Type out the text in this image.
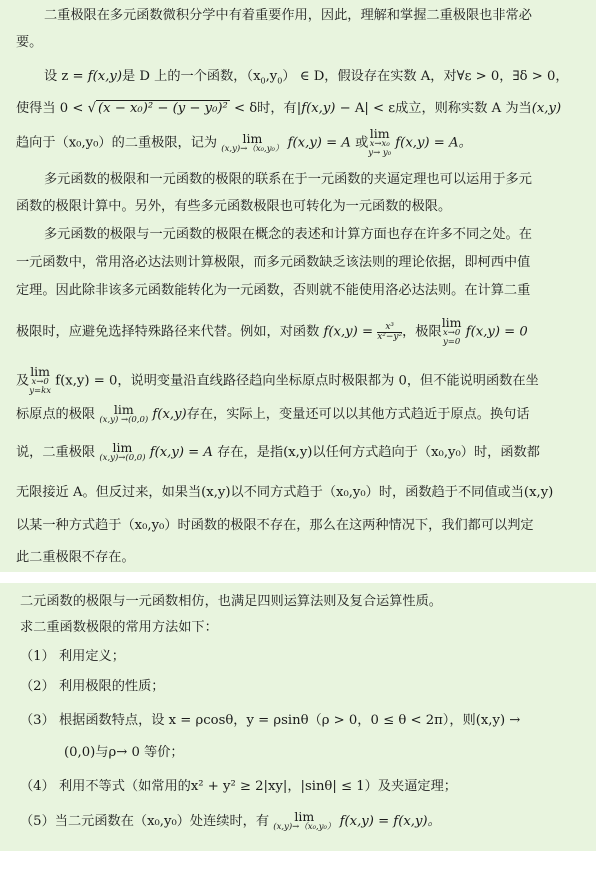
二重极限在多元函数微积分学中有着重要作用，因此，理解和掌握二重极限也非常必
要。
设 z = f(x,y)是 D 上的一个函数，$(x_0,y_0)$ ∈ D，假设存在实数 A，对∀ε > 0，∃δ > 0，
使得当 0 < √ (x − x₀)² − (y − y₀)² < δ时，有|f(x,y) − A| < ε成立，则称实数 A 为当(x,y)
趋向于（x₀,y₀）的二重极限，记为	lim
(x,y)→（x₀,y₀） f(x,y) = A 或
lim
x→x₀
y→ y₀
f(x,y) = A。
多元函数的极限和一元函数的极限的联系在于一元函数的夹逼定理也可以运用于多元
函数的极限计算中。另外，有些多元函数极限也可转化为一元函数的极限。
多元函数的极限与一元函数的极限在概念的表述和计算方面也存在许多不同之处。在
一元函数中，常用洛必达法则计算极限，而多元函数缺乏该法则的理论依据，即柯西中值
定理。因此除非该多元函数能转化为一元函数，否则就不能使用洛必达法则。在计算二重
极限时，应避免选择特殊路径来代替。例如，对函数 $f(x,y) = \frac{\text{x³}}{\text{x²−y²}}$ ，极限
lim
x→0
y=0
f(x,y) = 0
及
lim
x→0
y=kx
f(x,y) = 0，说明变量沿直线路径趋向坐标原点时极限都为 0，但不能说明函数在坐
标原点的极限	lim
(x,y) →(0,0) f(x,y)存在，实际上，变量还可以以其他方式趋近于原点。换句话
说，二重极限	lim
(x,y)→(0,0) f(x,y) = A 存在，是指(x,y)以任何方式趋向于（x₀,y₀）时，函数都
无限接近 A。但反过来，如果当(x,y)以不同方式趋于（x₀,y₀）时，函数趋于不同值或当(x,y)
以某一种方式趋于（x₀,y₀）时函数的极限不存在，那么在这两种情况下，我们都可以判定
此二重极限不存在。
二元函数的极限与一元函数相仿，也满足四则运算法则及复合运算性质。
求二重函数极限的常用方法如下：
（1） 利用定义；
（2） 利用极限的性质；
（3） 根据函数特点，设 x = ρcosθ，y = ρsinθ（ρ > 0，0 ≤ θ < 2π），则(x,y) →
(0,0)与ρ→ 0 等价；
（4） 利用不等式（如常用的x² + y² ≥ 2|xy|，|sinθ| ≤ 1）及夹逼定理；
（5）当二元函数在（x₀,y₀）处连续时，有	lim
(x,y)→（x₀,y₀） f(x,y) = f(x,y)。
